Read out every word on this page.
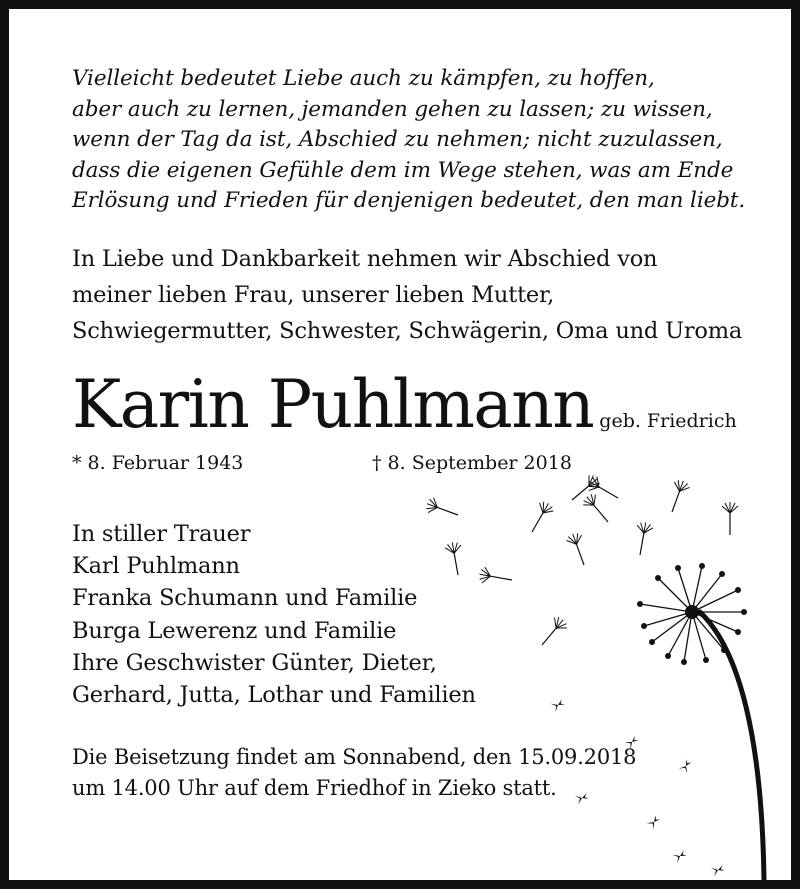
Vielleicht bedeutet Liebe auch zu kämpfen, zu hoffen,
aber auch zu lernen, jemanden gehen zu lassen; zu wissen,
wenn der Tag da ist, Abschied zu nehmen; nicht zuzulassen,
dass die eigenen Gefühle dem im Wege stehen, was am Ende
Erlösung und Frieden für denjenigen bedeutet, den man liebt.
In Liebe und Dankbarkeit nehmen wir Abschied von
meiner lieben Frau, unserer lieben Mutter,
Schwiegermutter, Schwester, Schwägerin, Oma und Uroma
Karin Puhlmann geb. Friedrich
* 8. Februar 1943	† 8. September 2018
In stiller Trauer
Karl Puhlmann
Franka Schumann und Familie
Burga Lewerenz und Familie
Ihre Geschwister Günter, Dieter,
Gerhard, Jutta, Lothar und Familien
Die Beisetzung findet am Sonnabend, den 15.09.2018
um 14.00 Uhr auf dem Friedhof in Zieko statt.
